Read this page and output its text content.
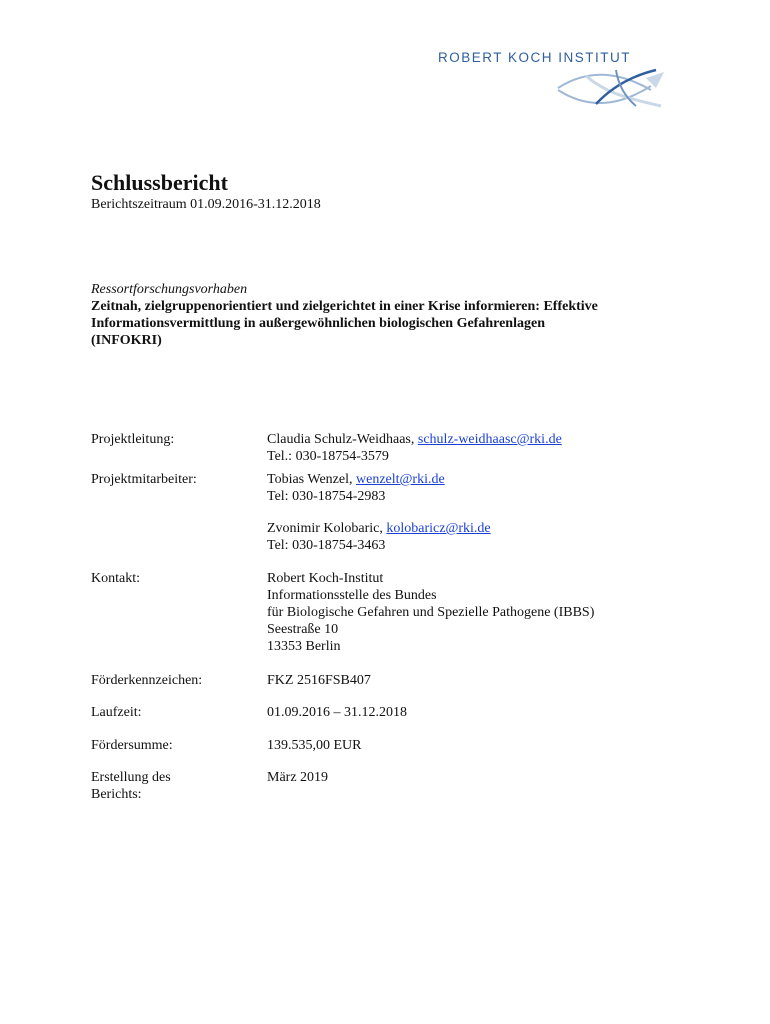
ROBERT KOCH INSTITUT
Schlussbericht
Berichtszeitraum 01.09.2016-31.12.2018
Ressortforschungsvorhaben
Zeitnah, zielgruppenorientiert und zielgerichtet in einer Krise informieren: Effektive
Informationsvermittlung in außergewöhnlichen biologischen Gefahrenlagen
(INFOKRI)
Projektleitung:	Claudia Schulz-Weidhaas, schulz-weidhaasc@rki.de
Tel.: 030-18754-3579
Projektmitarbeiter:	Tobias Wenzel, wenzelt@rki.de
Tel: 030-18754-2983
Zvonimir Kolobaric, kolobaricz@rki.de
Tel: 030-18754-3463
Kontakt:	Robert Koch-Institut
Informationsstelle des Bundes
für Biologische Gefahren und Spezielle Pathogene (IBBS)
Seestraße 10
13353 Berlin
Förderkennzeichen:	FKZ 2516FSB407
Laufzeit:	01.09.2016 – 31.12.2018
Fördersumme:	139.535,00 EUR
Erstellung des
Berichts:
März 2019
